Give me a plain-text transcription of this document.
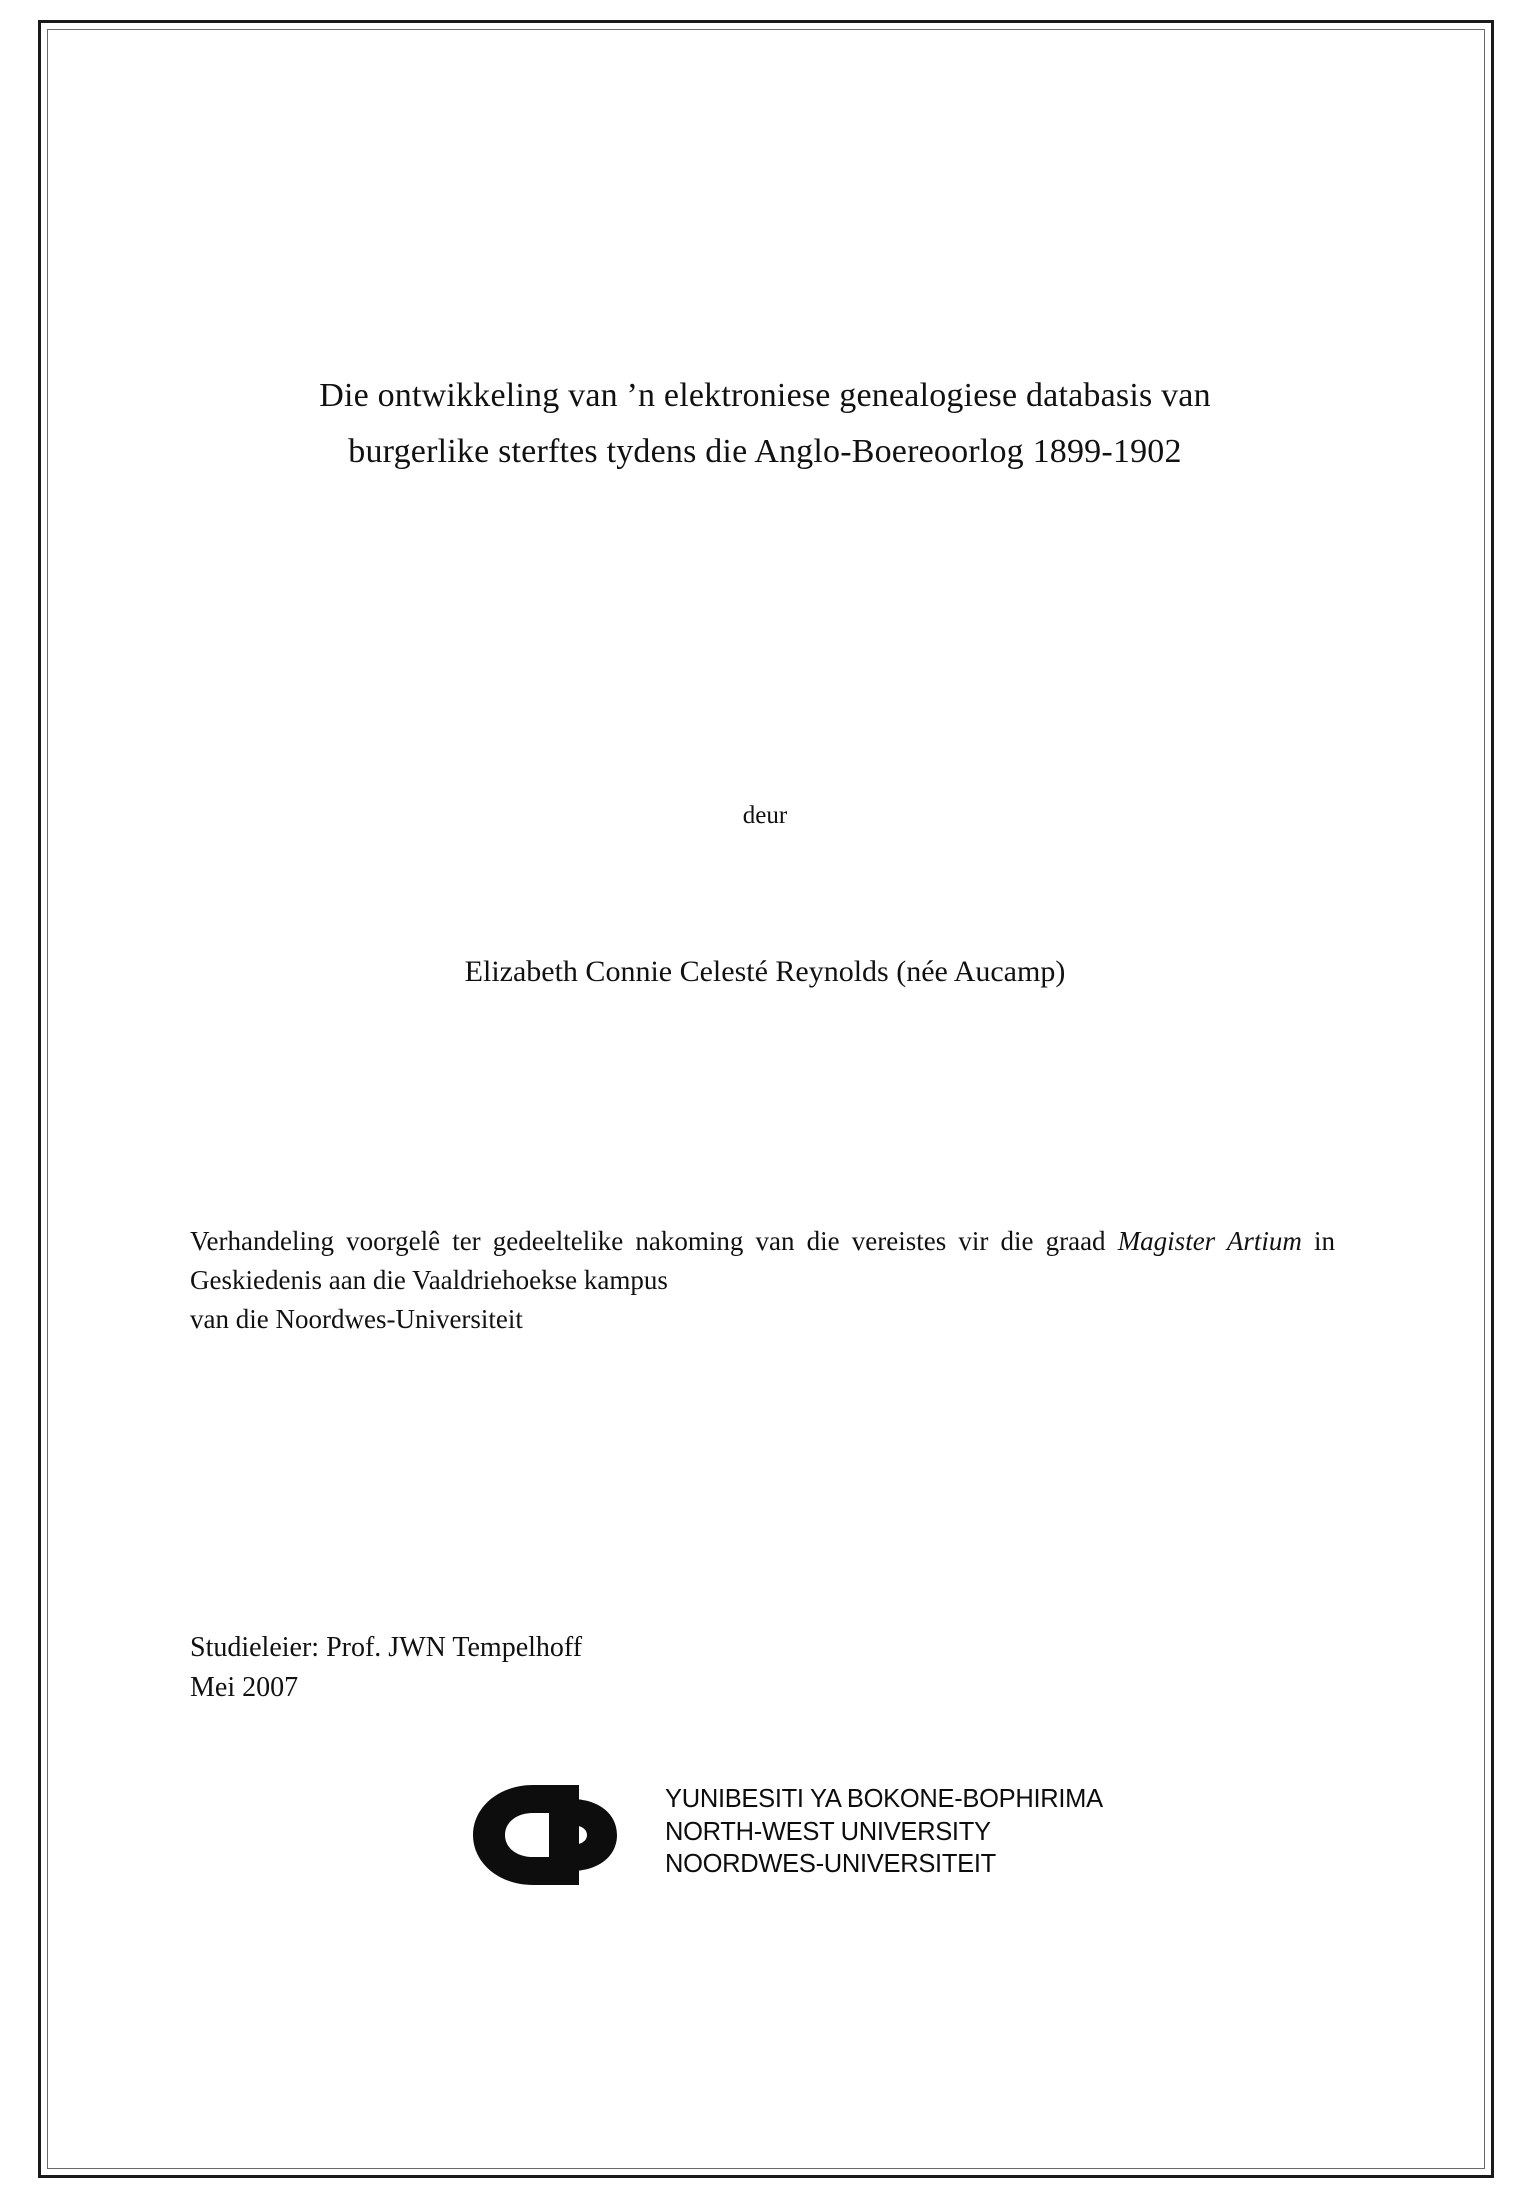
Die ontwikkeling van ’n elektroniese genealogiese databasis van
burgerlike sterftes tydens die Anglo-Boereoorlog 1899-1902
deur
Elizabeth Connie Celesté Reynolds (née Aucamp)

Verhandeling voorgelê ter gedeeltelike nakoming van die vereistes vir die graad Magister Artium in Geskiedenis aan die Vaaldriehoekse kampus

van die Noordwes-Universiteit

Studieleier: Prof. JWN Tempelhoff

Mei 2007

YUNIBESITI YA BOKONE-BOPHIRIMA
NORTH-WEST UNIVERSITY
NOORDWES-UNIVERSITEIT
